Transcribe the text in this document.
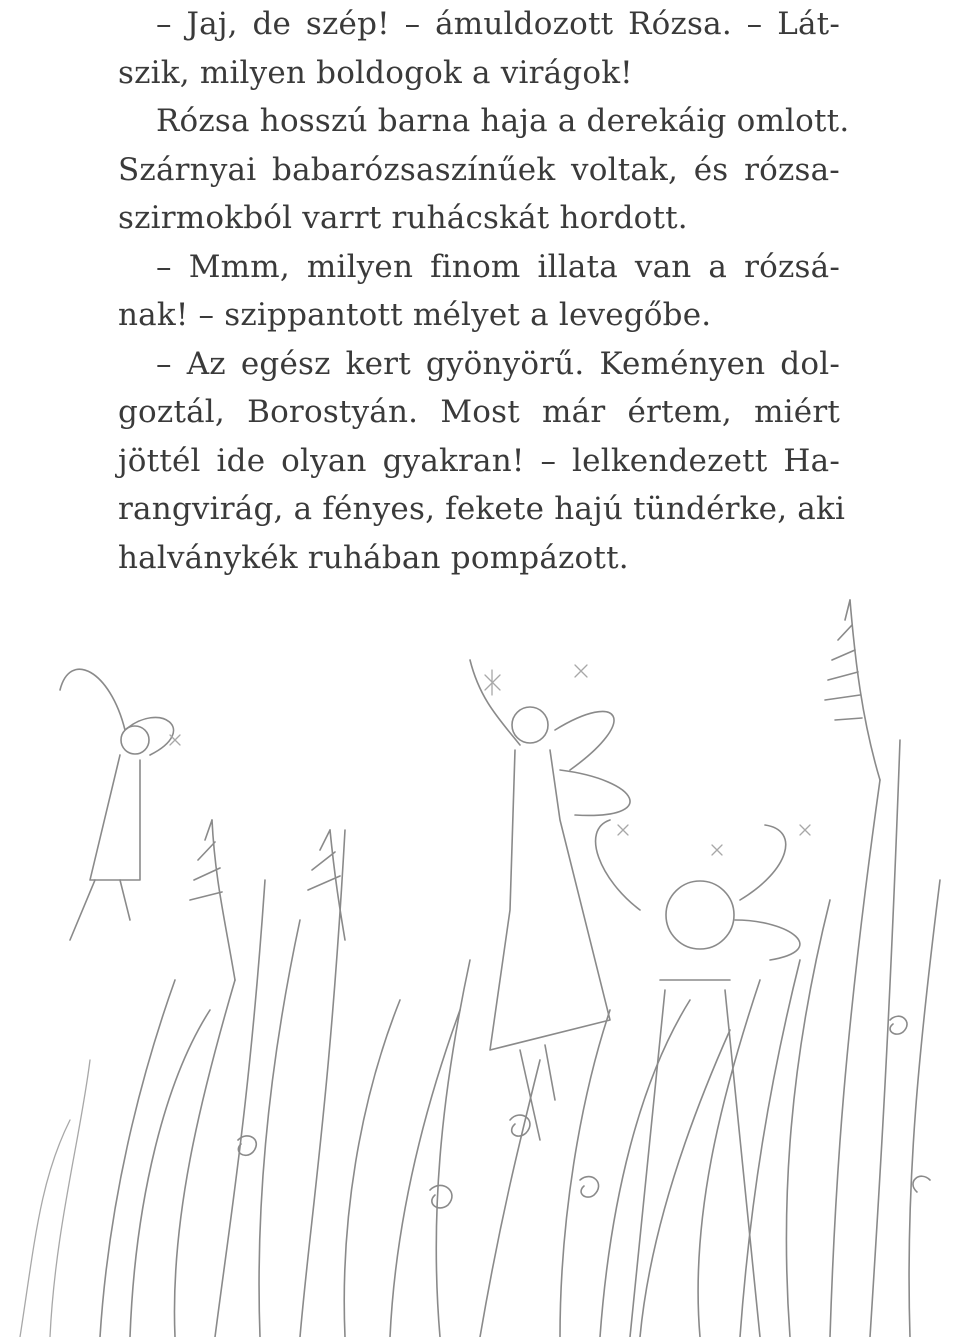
– Jaj, de szép! – ámuldozott Rózsa. – Lát-
szik, milyen boldogok a virágok!
Rózsa hosszú barna haja a derekáig omlott.
Szárnyai babarózsaszínűek voltak, és rózsa-
szirmokból varrt ruhácskát hordott.
– Mmm, milyen finom illata van a rózsá-
nak! – szippantott mélyet a levegőbe.
– Az egész kert gyönyörű. Keményen dol-
goztál, Borostyán. Most már értem, miért
jöttél ide olyan gyakran! – lelkendezett Ha-
rangvirág, a fényes, fekete hajú tündérke, aki
halványkék ruhában pompázott.
